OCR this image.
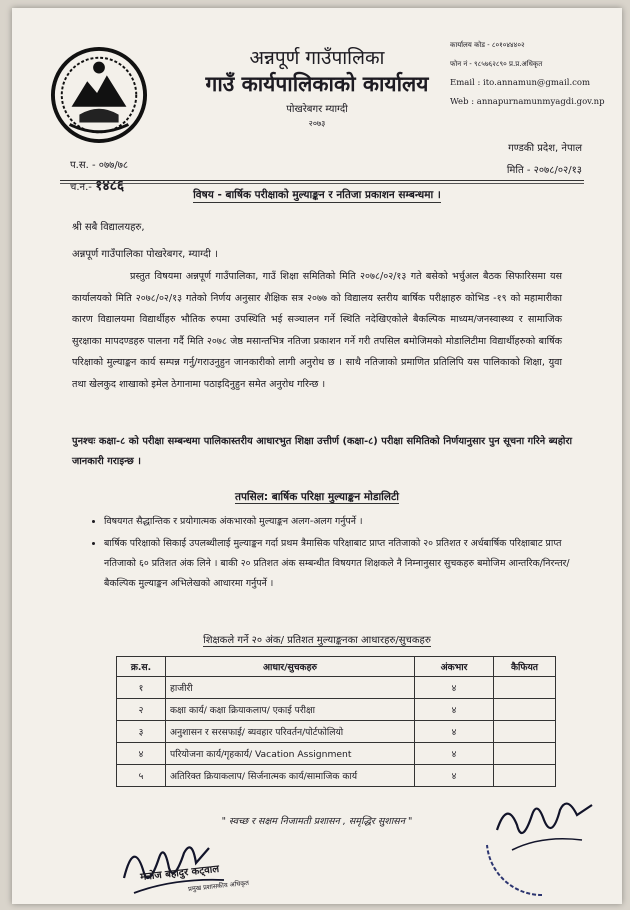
अन्नपूर्ण गाउँपालिका
गाउँ कार्यपालिकाको कार्यालय
पोखरेबगर म्याग्दी
२०७३
कार्यालय कोड - ८०१०४४४०२
फोन नं - ९८५७६२८९० प्र.प्र.अधिकृत
Email : ito.annamun@gmail.com
Web : annapurnamunmyagdi.gov.np
प.स. - ०७७/७८
च.न.- १४८६
गण्डकी प्रदेश, नेपाल
मिति - २०७८/०२/१३
विषय - बार्षिक परीक्षाको मुल्याङ्कन र नतिजा प्रकाशन सम्बन्धमा ।
श्री सबै विद्यालयहरु,
अन्नपूर्ण गाउँपालिका पोखरेबगर, म्याग्दी ।
प्रस्तुत विषयमा अन्नपूर्ण गाउँपालिका, गाउँ शिक्षा समितिको मिति २०७८/०२/१३ गते बसेको भर्चुअल बैठक सिफारिसमा यस कार्यालयको मिति २०७८/०२/१३ गतेको निर्णय अनुसार शैक्षिक सत्र २०७७ को विद्यालय स्तरीय बार्षिक परीक्षाहरु कोभिड -१९ को महामारीका कारण विद्यालयमा विद्यार्थीहरु भौतिक रुपमा उपस्थिति भई सञ्चालन गर्ने स्थिति नदेखिएकोले बैकल्पिक माध्यम/जनस्वास्थ्य र सामाजिक सुरक्षाका मापदण्डहरु पालना गर्दै मिति २०७८ जेष्ठ मसान्तभित्र नतिजा प्रकाशन गर्ने गरी तपसिल बमोजिमको मोडालिटीमा विद्यार्थीहरुको बार्षिक परिक्षाको मुल्याङ्कन कार्य सम्पन्न गर्नु/गराउनुहुन जानकारीको लागी अनुरोध छ । साथै नतिजाको प्रमाणित प्रतिलिपि यस पालिकाको शिक्षा, युवा तथा खेलकुद शाखाको इमेल ठेगानामा पठाइदिनुहुन समेत अनुरोध गरिन्छ ।
पुनश्चः कक्षा-८ को परीक्षा सम्बन्धमा पालिकास्तरीय आधारभुत शिक्षा उत्तीर्ण (कक्षा-८) परीक्षा समितिको निर्णयानुसार पुन सूचना गरिने ब्यहोरा जानकारी गराइन्छ ।
तपसिल: बार्षिक परिक्षा मुल्याङ्कन मोडालिटी
• विषयगत सैद्धान्तिक र प्रयोगात्मक अंकभारको मुल्याङ्कन अलग-अलग गर्नुपर्ने ।
• बार्षिक परिक्षाको सिकाई उपलब्धीलाई मुल्याङ्कन गर्दा प्रथम त्रैमासिक परिक्षाबाट प्राप्त नतिजाको २० प्रतिशत र अर्धबार्षिक परिक्षाबाट प्राप्त नतिजाको ६० प्रतिशत अंक लिने । बाकी २० प्रतिशत अंक सम्बन्धीत विषयगत शिक्षकले नै निम्नानुसार सुचकहरु बमोजिम आन्तरिक/निरन्तर/ बैकल्पिक मुल्याङ्कन अभिलेखको आधारमा गर्नुपर्ने ।
शिक्षकले गर्ने २० अंक/ प्रतिशत मुल्याङ्कनका आधारहरु/सुचकहरु
क्र.स.	आधार/सुचकहरु	अंकभार	कैफियत
१	हाजीरी	४	
२	कक्षा कार्य/ कक्षा क्रियाकलाप/ एकाई परीक्षा	४	
३	अनुशासन र सरसफाई/ ब्यवहार परिवर्तन/पोर्टफोलियो	४	
४	परियोजना कार्य/गृहकार्य/ Vacation Assignment	४	
५	अतिरिक्त क्रियाकलाप/ सिर्जनात्मक कार्य/सामाजिक कार्य	४	
" स्वच्छ र सक्षम निजामती प्रशासन , समृद्धिर सुशासन "
मनोज बहादुर कट्वाल
प्रमुख प्रशासकीय अधिकृत
